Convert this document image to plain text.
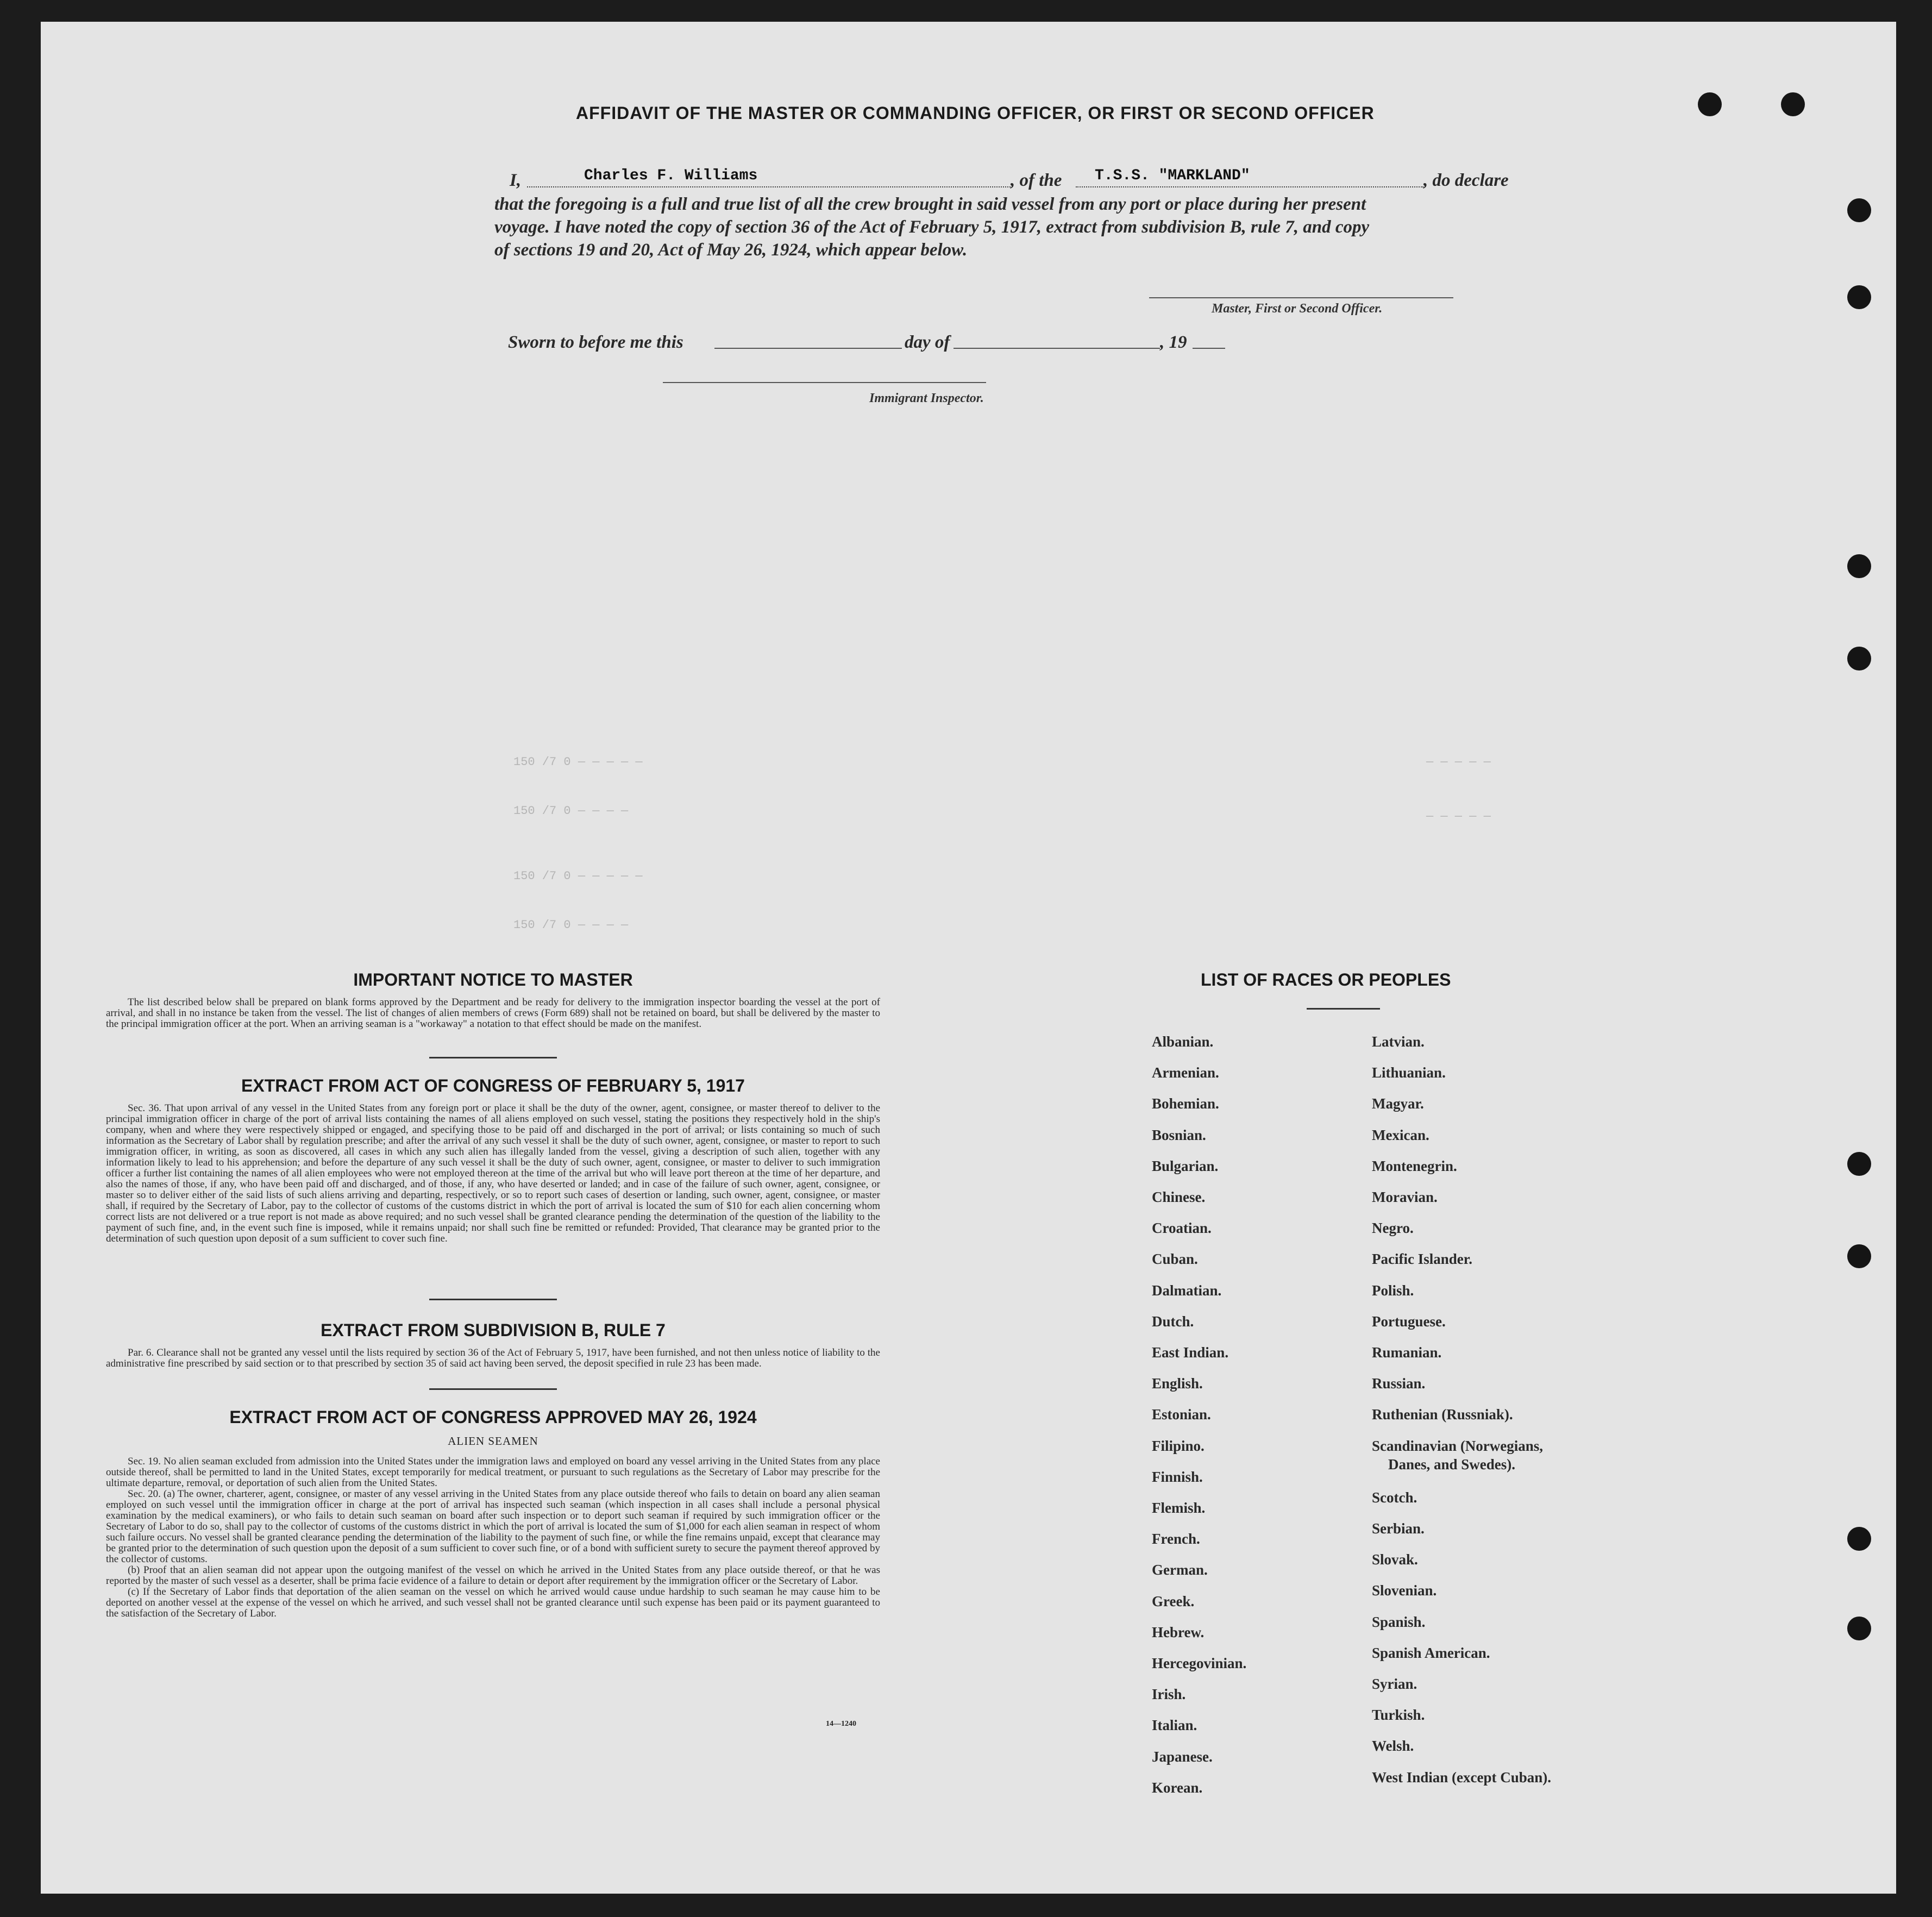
150 /7 0 — — — — —
150 /7 0 — — — —
150 /7 0 — — — — —
150 /7 0 — — — —
— — — — —
— — — — —
AFFIDAVIT OF THE MASTER OR COMMANDING OFFICER, OR FIRST OR SECOND OFFICER
I,	Charles F. Williams	, of the T.S.S. "MARKLAND"	, do declare
that the foregoing is a full and true list of all the crew brought in said vessel from any port or place during her present
voyage. I have noted the copy of section 36 of the Act of February 5, 1917, extract from subdivision B, rule 7, and copy
of sections 19 and 20, Act of May 26, 1924, which appear below.
Master, First or Second Officer.
Sworn to before me this	day of	, 19
Immigrant Inspector.
IMPORTANT NOTICE TO MASTER
The list described below shall be prepared on blank forms approved by the Department and be ready for delivery to the immigration inspector boarding the vessel at the port of arrival, and shall in no instance be taken from the vessel. The list of changes of alien members of crews (Form 689) shall not be retained on board, but shall be delivered by the master to the principal immigration officer at the port. When an arriving seaman is a "workaway" a notation to that effect should be made on the manifest.
EXTRACT FROM ACT OF CONGRESS OF FEBRUARY 5, 1917
Sec. 36. That upon arrival of any vessel in the United States from any foreign port or place it shall be the duty of the owner, agent, consignee, or master thereof to deliver to the principal immigration officer in charge of the port of arrival lists containing the names of all aliens employed on such vessel, stating the positions they respectively hold in the ship's company, when and where they were respectively shipped or engaged, and specifying those to be paid off and discharged in the port of arrival; or lists containing so much of such information as the Secretary of Labor shall by regulation prescribe; and after the arrival of any such vessel it shall be the duty of such owner, agent, consignee, or master to report to such immigration officer, in writing, as soon as discovered, all cases in which any such alien has illegally landed from the vessel, giving a description of such alien, together with any information likely to lead to his apprehension; and before the departure of any such vessel it shall be the duty of such owner, agent, consignee, or master to deliver to such immigration officer a further list containing the names of all alien employees who were not employed thereon at the time of the arrival but who will leave port thereon at the time of her departure, and also the names of those, if any, who have been paid off and discharged, and of those, if any, who have deserted or landed; and in case of the failure of such owner, agent, consignee, or master so to deliver either of the said lists of such aliens arriving and departing, respectively, or so to report such cases of desertion or landing, such owner, agent, consignee, or master shall, if required by the Secretary of Labor, pay to the collector of customs of the customs district in which the port of arrival is located the sum of $10 for each alien concerning whom correct lists are not delivered or a true report is not made as above required; and no such vessel shall be granted clearance pending the determination of the question of the liability to the payment of such fine, and, in the event such fine is imposed, while it remains unpaid; nor shall such fine be remitted or refunded: Provided, That clearance may be granted prior to the determination of such question upon deposit of a sum sufficient to cover such fine.
EXTRACT FROM SUBDIVISION B, RULE 7
Par. 6. Clearance shall not be granted any vessel until the lists required by section 36 of the Act of February 5, 1917, have been furnished, and not then unless notice of liability to the administrative fine prescribed by said section or to that prescribed by section 35 of said act having been served, the deposit specified in rule 23 has been made.
EXTRACT FROM ACT OF CONGRESS APPROVED MAY 26, 1924
ALIEN SEAMEN
Sec. 19. No alien seaman excluded from admission into the United States under the immigration laws and employed on board any vessel arriving in the United States from any place outside thereof, shall be permitted to land in the United States, except temporarily for medical treatment, or pursuant to such regulations as the Secretary of Labor may prescribe for the ultimate departure, removal, or deportation of such alien from the United States.
Sec. 20. (a) The owner, charterer, agent, consignee, or master of any vessel arriving in the United States from any place outside thereof who fails to detain on board any alien seaman employed on such vessel until the immigration officer in charge at the port of arrival has inspected such seaman (which inspection in all cases shall include a personal physical examination by the medical examiners), or who fails to detain such seaman on board after such inspection or to deport such seaman if required by such immigration officer or the Secretary of Labor to do so, shall pay to the collector of customs of the customs district in which the port of arrival is located the sum of $1,000 for each alien seaman in respect of whom such failure occurs. No vessel shall be granted clearance pending the determination of the liability to the payment of such fine, or while the fine remains unpaid, except that clearance may be granted prior to the determination of such question upon the deposit of a sum sufficient to cover such fine, or of a bond with sufficient surety to secure the payment thereof approved by the collector of customs.
(b) Proof that an alien seaman did not appear upon the outgoing manifest of the vessel on which he arrived in the United States from any place outside thereof, or that he was reported by the master of such vessel as a deserter, shall be prima facie evidence of a failure to detain or deport after requirement by the immigration officer or the Secretary of Labor.
(c) If the Secretary of Labor finds that deportation of the alien seaman on the vessel on which he arrived would cause undue hardship to such seaman he may cause him to be deported on another vessel at the expense of the vessel on which he arrived, and such vessel shall not be granted clearance until such expense has been paid or its payment guaranteed to the satisfaction of the Secretary of Labor.
14—1240
LIST OF RACES OR PEOPLES
Albanian.
Armenian.
Bohemian.
Bosnian.
Bulgarian.
Chinese.
Croatian.
Cuban.
Dalmatian.
Dutch.
East Indian.
English.
Estonian.
Filipino.
Finnish.
Flemish.
French.
German.
Greek.
Hebrew.
Hercegovinian.
Irish.
Italian.
Japanese.
Korean.
Latvian.
Lithuanian.
Magyar.
Mexican.
Montenegrin.
Moravian.
Negro.
Pacific Islander.
Polish.
Portuguese.
Rumanian.
Russian.
Ruthenian (Russniak).
Scandinavian (Norwegians,
Danes, and Swedes).
Scotch.
Serbian.
Slovak.
Slovenian.
Spanish.
Spanish American.
Syrian.
Turkish.
Welsh.
West Indian (except Cuban).
